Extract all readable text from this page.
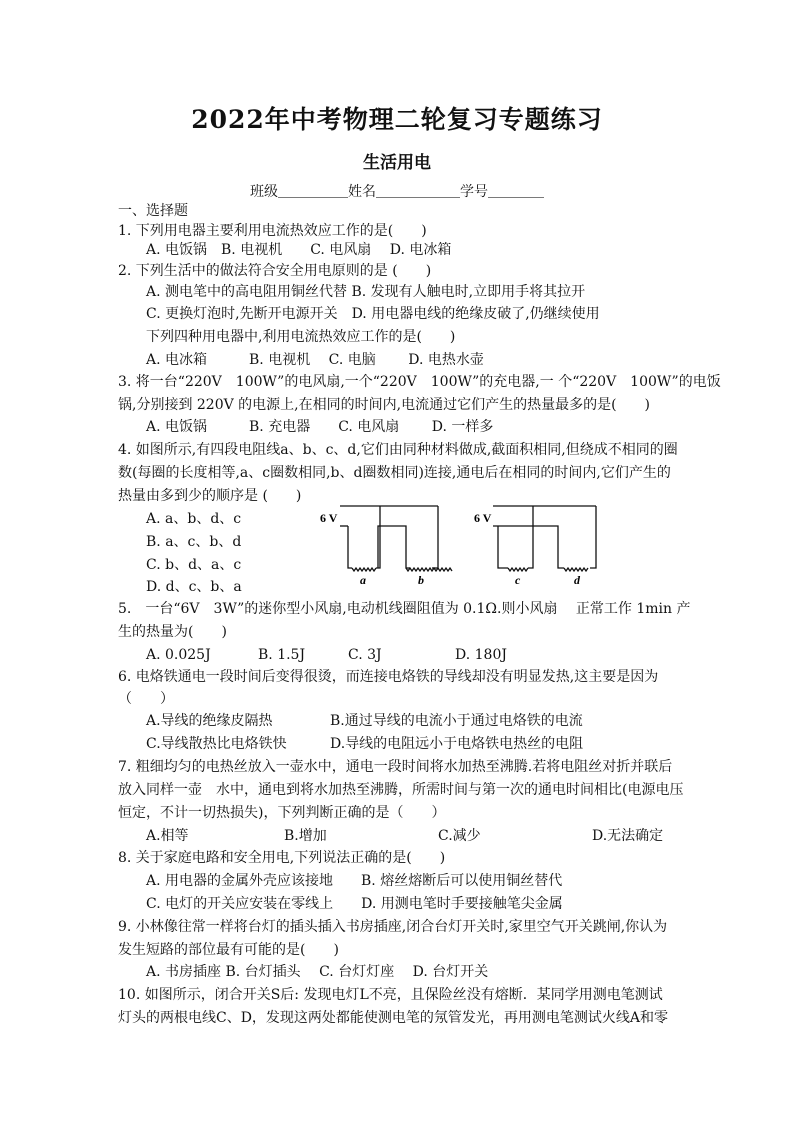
2022年中考物理二轮复习专题练习
生活用电
班级＿＿＿＿＿姓名＿＿＿＿＿＿学号＿＿＿＿
一、选择题
1. 下列用电器主要利用电流热效应工作的是(　　)
A. 电饭锅　B. 电视机　　C. 电风扇　 D. 电冰箱
2. 下列生活中的做法符合安全用电原则的是 (　　)
A. 测电笔中的高电阻用铜丝代替 B. 发现有人触电时,立即用手将其拉开
C. 更换灯泡时,先断开电源开关　D. 用电器电线的绝缘皮破了,仍继续使用
下列四种用电器中,利用电流热效应工作的是(　　)
A. 电冰箱　　　B. 电视机　 C. 电脑　　 D. 电热水壶
3. 将一台“220V　100W”的电风扇,一个“220V　100W”的充电器,一 个“220V　100W”的电饭
锅,分别接到 220V 的电源上,在相同的时间内,电流通过它们产生的热量最多的是(　　)
A. 电饭锅　　　B. 充电器　　C. 电风扇　　 D. 一样多
4. 如图所示,有四段电阻线a、b、c、d,它们由同种材料做成,截面积相同,但绕成不相同的圈
数(每圈的长度相等,a、c圈数相同,b、d圈数相同)连接,通电后在相同的时间内,它们产生的
热量由多到少的顺序是 (　　)
A. a、b、d、c
B. a、c、b、d
C. b、d、a、c
D. d、c、b、a
6 V	6 V
a	b	c	d
5.　一台“6V　3W”的迷你型小风扇,电动机线圈阻值为 0.1Ω.则小风扇　 正常工作 1min 产
生的热量为(　　)
A. 0.025J	B. 1.5J	C. 3J	D. 180J
6. 电烙铁通电一段时间后变得很烫，而连接电烙铁的导线却没有明显发热,这主要是因为
（　　）
A.导线的绝缘皮隔热	B.通过导线的电流小于通过电烙铁的电流
C.导线散热比电烙铁快	D.导线的电阻远小于电烙铁电热丝的电阻
7. 粗细均匀的电热丝放入一壶水中，通电一段时间将水加热至沸腾.若将电阻丝对折并联后
放入同样一壶　水中，通电到将水加热至沸腾，所需时间与第一次的通电时间相比(电源电压
恒定，不计一切热损失)，下列判断正确的是（　　）
A.相等	B.增加	C.减少	D.无法确定
8. 关于家庭电路和安全用电,下列说法正确的是(　　)
A. 用电器的金属外壳应该接地　　B. 熔丝熔断后可以使用铜丝替代
C. 电灯的开关应安装在零线上　　D. 用测电笔时手要接触笔尖金属
9. 小林像往常一样将台灯的插头插入书房插座,闭合台灯开关时,家里空气开关跳闸,你认为
发生短路的部位最有可能的是(　　)
A. 书房插座 B. 台灯插头　 C. 台灯灯座　 D. 台灯开关
10. 如图所示，闭合开关S后: 发现电灯L不亮，且保险丝没有熔断．某同学用测电笔测试
灯头的两根电线C、D，发现这两处都能使测电笔的氖管发光，再用测电笔测试火线A和零
